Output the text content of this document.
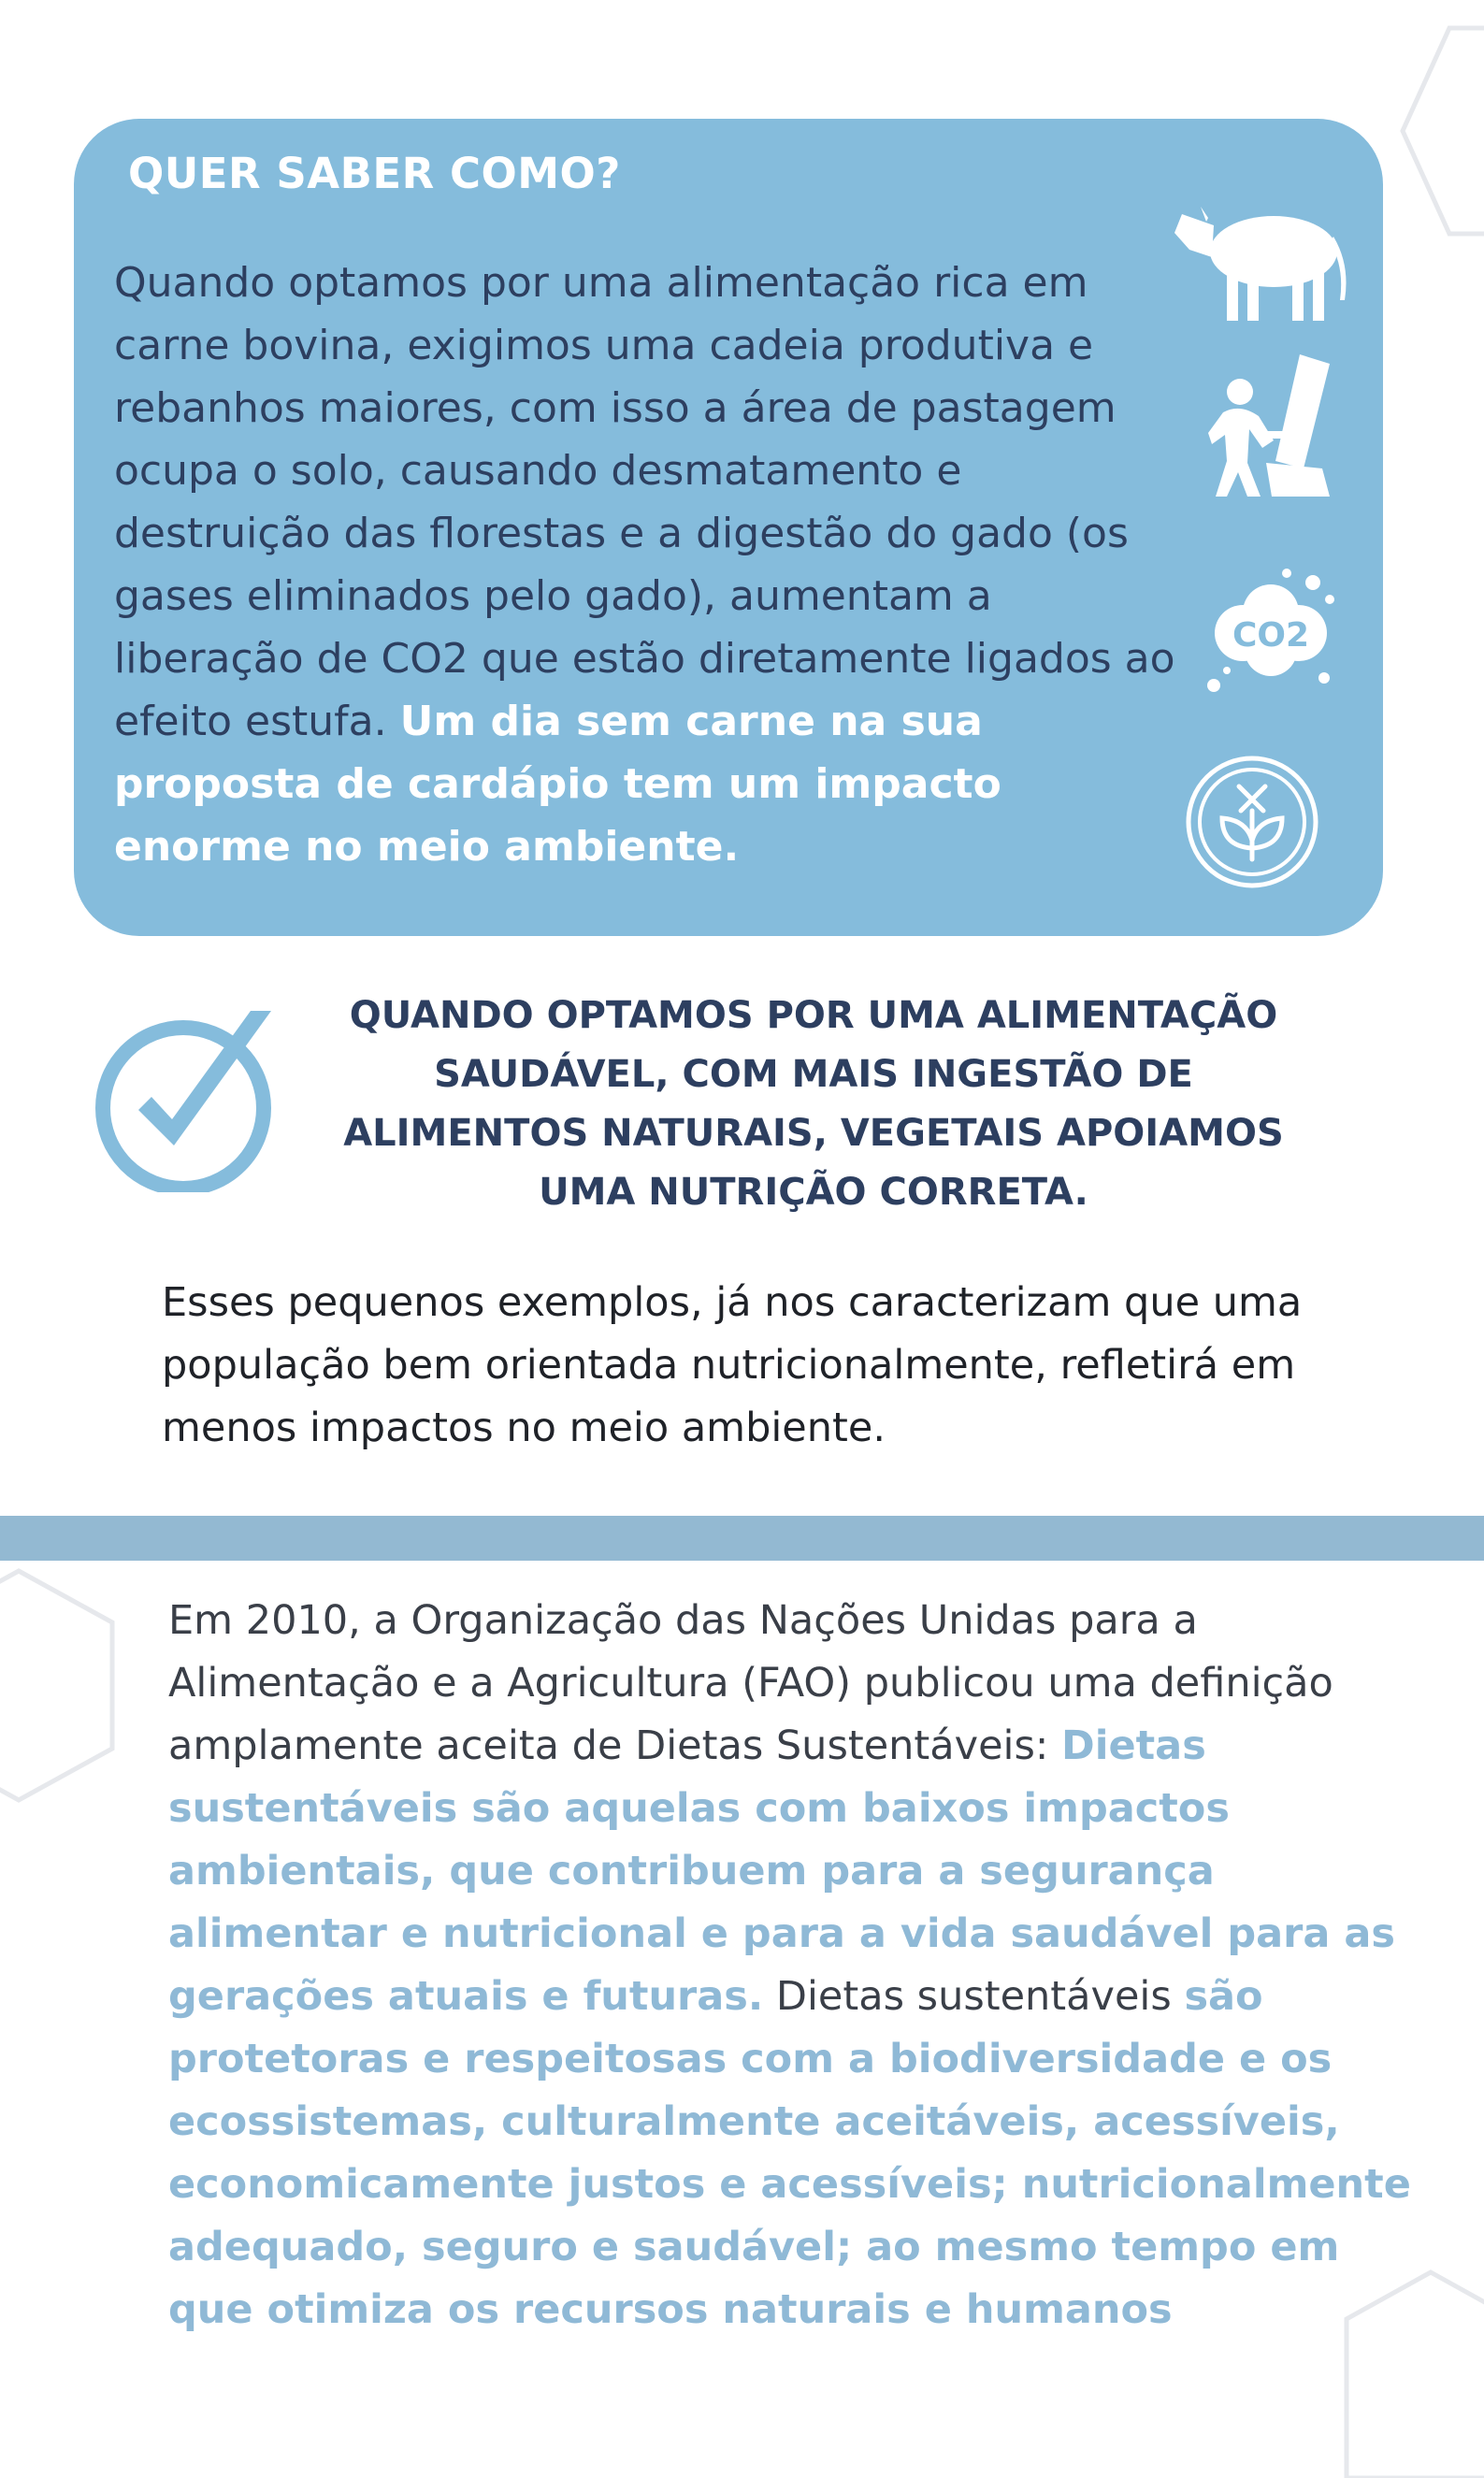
QUER SABER COMO?

Quando optamos por uma alimentação rica em carne bovina, exigimos uma cadeia produtiva e rebanhos maiores, com isso a área de pastagem ocupa o solo, causando desmatamento e destruição das florestas e a digestão do gado (os gases eliminados pelo gado), aumentam a liberação de CO2 que estão diretamente ligados ao efeito estufa. Um dia sem carne na sua proposta de cardápio tem um impacto enorme no meio ambiente.

CO2

QUANDO OPTAMOS POR UMA ALIMENTAÇÃO SAUDÁVEL, COM MAIS INGESTÃO DE ALIMENTOS NATURAIS, VEGETAIS APOIAMOS UMA NUTRIÇÃO CORRETA.

Esses pequenos exemplos, já nos caracterizam que uma população bem orientada nutricionalmente, refletirá em menos impactos no meio ambiente.

Em 2010, a Organização das Nações Unidas para a Alimentação e a Agricultura (FAO) publicou uma definição amplamente aceita de Dietas Sustentáveis: Dietas sustentáveis são aquelas com baixos impactos ambientais, que contribuem para a segurança alimentar e nutricional e para a vida saudável para as gerações atuais e futuras. Dietas sustentáveis são protetoras e respeitosas com a biodiversidade e os ecossistemas, culturalmente aceitáveis, acessíveis, economicamente justos e acessíveis; nutricionalmente adequado, seguro e saudável; ao mesmo tempo em que otimiza os recursos naturais e humanos
